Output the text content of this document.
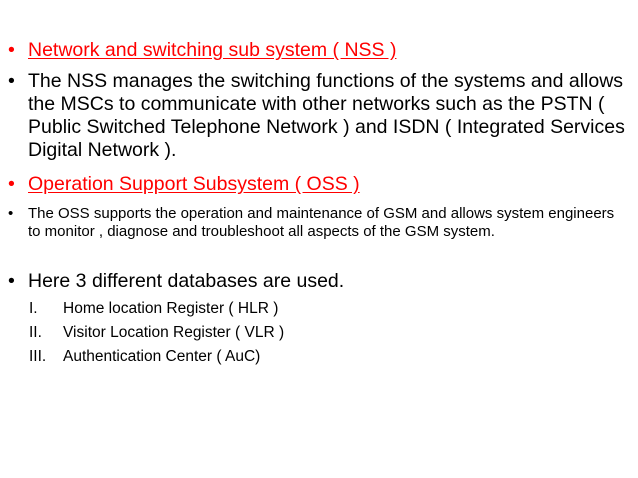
• Network and switching sub system ( NSS )

• The NSS manages the switching functions of the systems and allows the MSCs to communicate with other networks such as the PSTN ( Public Switched Telephone Network ) and ISDN ( Integrated Services Digital Network ).

• Operation Support Subsystem ( OSS )

• The OSS supports the operation and maintenance of GSM and allows system engineers to monitor , diagnose and troubleshoot all aspects of the GSM system.

• Here 3 different databases are used.

I. Home location Register ( HLR )
II. Visitor Location Register ( VLR )
III. Authentication Center ( AuC)
